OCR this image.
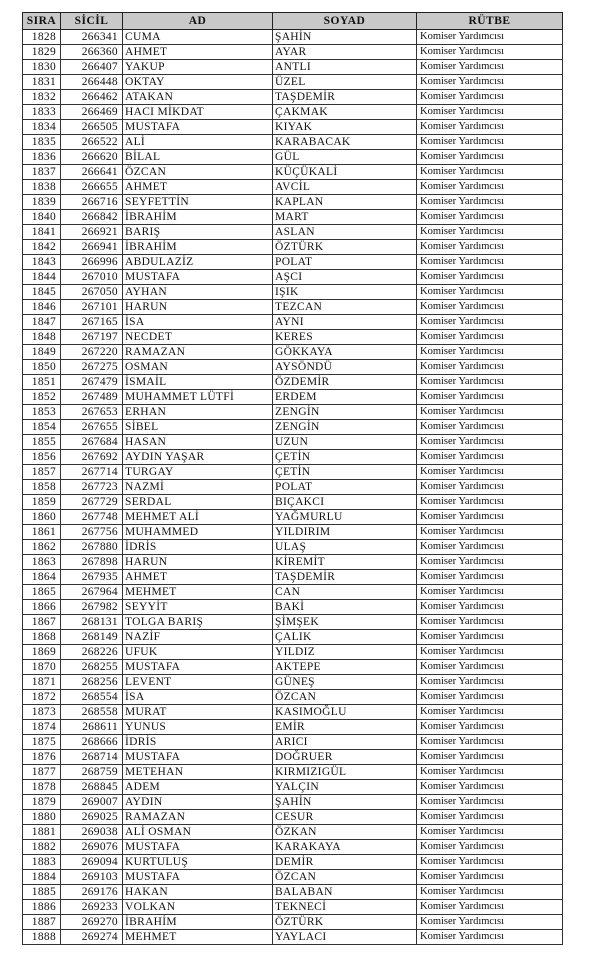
SIRA	SİCİL	AD	SOYAD	RÜTBE
1828	266341	CUMA	ŞAHİN	Komiser Yardımcısı
1829	266360	AHMET	AYAR	Komiser Yardımcısı
1830	266407	YAKUP	ANTLI	Komiser Yardımcısı
1831	266448	OKTAY	ÜZEL	Komiser Yardımcısı
1832	266462	ATAKAN	TAŞDEMİR	Komiser Yardımcısı
1833	266469	HACI MİKDAT	ÇAKMAK	Komiser Yardımcısı
1834	266505	MUSTAFA	KIYAK	Komiser Yardımcısı
1835	266522	ALİ	KARABACAK	Komiser Yardımcısı
1836	266620	BİLAL	GÜL	Komiser Yardımcısı
1837	266641	ÖZCAN	KÜÇÜKALİ	Komiser Yardımcısı
1838	266655	AHMET	AVCİL	Komiser Yardımcısı
1839	266716	SEYFETTİN	KAPLAN	Komiser Yardımcısı
1840	266842	İBRAHİM	MART	Komiser Yardımcısı
1841	266921	BARIŞ	ASLAN	Komiser Yardımcısı
1842	266941	İBRAHİM	ÖZTÜRK	Komiser Yardımcısı
1843	266996	ABDULAZİZ	POLAT	Komiser Yardımcısı
1844	267010	MUSTAFA	AŞCI	Komiser Yardımcısı
1845	267050	AYHAN	IŞIK	Komiser Yardımcısı
1846	267101	HARUN	TEZCAN	Komiser Yardımcısı
1847	267165	İSA	AYNI	Komiser Yardımcısı
1848	267197	NECDET	KERES	Komiser Yardımcısı
1849	267220	RAMAZAN	GÖKKAYA	Komiser Yardımcısı
1850	267275	OSMAN	AYSÖNDÜ	Komiser Yardımcısı
1851	267479	İSMAİL	ÖZDEMİR	Komiser Yardımcısı
1852	267489	MUHAMMET LÜTFİ	ERDEM	Komiser Yardımcısı
1853	267653	ERHAN	ZENGİN	Komiser Yardımcısı
1854	267655	SİBEL	ZENGİN	Komiser Yardımcısı
1855	267684	HASAN	UZUN	Komiser Yardımcısı
1856	267692	AYDIN YAŞAR	ÇETİN	Komiser Yardımcısı
1857	267714	TURGAY	ÇETİN	Komiser Yardımcısı
1858	267723	NAZMİ	POLAT	Komiser Yardımcısı
1859	267729	SERDAL	BIÇAKCI	Komiser Yardımcısı
1860	267748	MEHMET ALİ	YAĞMURLU	Komiser Yardımcısı
1861	267756	MUHAMMED	YILDIRIM	Komiser Yardımcısı
1862	267880	İDRİS	ULAŞ	Komiser Yardımcısı
1863	267898	HARUN	KİREMİT	Komiser Yardımcısı
1864	267935	AHMET	TAŞDEMİR	Komiser Yardımcısı
1865	267964	MEHMET	CAN	Komiser Yardımcısı
1866	267982	SEYYİT	BAKİ	Komiser Yardımcısı
1867	268131	TOLGA BARIŞ	ŞİMŞEK	Komiser Yardımcısı
1868	268149	NAZİF	ÇALIK	Komiser Yardımcısı
1869	268226	UFUK	YILDIZ	Komiser Yardımcısı
1870	268255	MUSTAFA	AKTEPE	Komiser Yardımcısı
1871	268256	LEVENT	GÜNEŞ	Komiser Yardımcısı
1872	268554	İSA	ÖZCAN	Komiser Yardımcısı
1873	268558	MURAT	KASIMOĞLU	Komiser Yardımcısı
1874	268611	YUNUS	EMİR	Komiser Yardımcısı
1875	268666	İDRİS	ARICI	Komiser Yardımcısı
1876	268714	MUSTAFA	DOĞRUER	Komiser Yardımcısı
1877	268759	METEHAN	KIRMIZIGÜL	Komiser Yardımcısı
1878	268845	ADEM	YALÇIN	Komiser Yardımcısı
1879	269007	AYDIN	ŞAHİN	Komiser Yardımcısı
1880	269025	RAMAZAN	CESUR	Komiser Yardımcısı
1881	269038	ALİ OSMAN	ÖZKAN	Komiser Yardımcısı
1882	269076	MUSTAFA	KARAKAYA	Komiser Yardımcısı
1883	269094	KURTULUŞ	DEMİR	Komiser Yardımcısı
1884	269103	MUSTAFA	ÖZCAN	Komiser Yardımcısı
1885	269176	HAKAN	BALABAN	Komiser Yardımcısı
1886	269233	VOLKAN	TEKNECİ	Komiser Yardımcısı
1887	269270	İBRAHİM	ÖZTÜRK	Komiser Yardımcısı
1888	269274	MEHMET	YAYLACI	Komiser Yardımcısı
